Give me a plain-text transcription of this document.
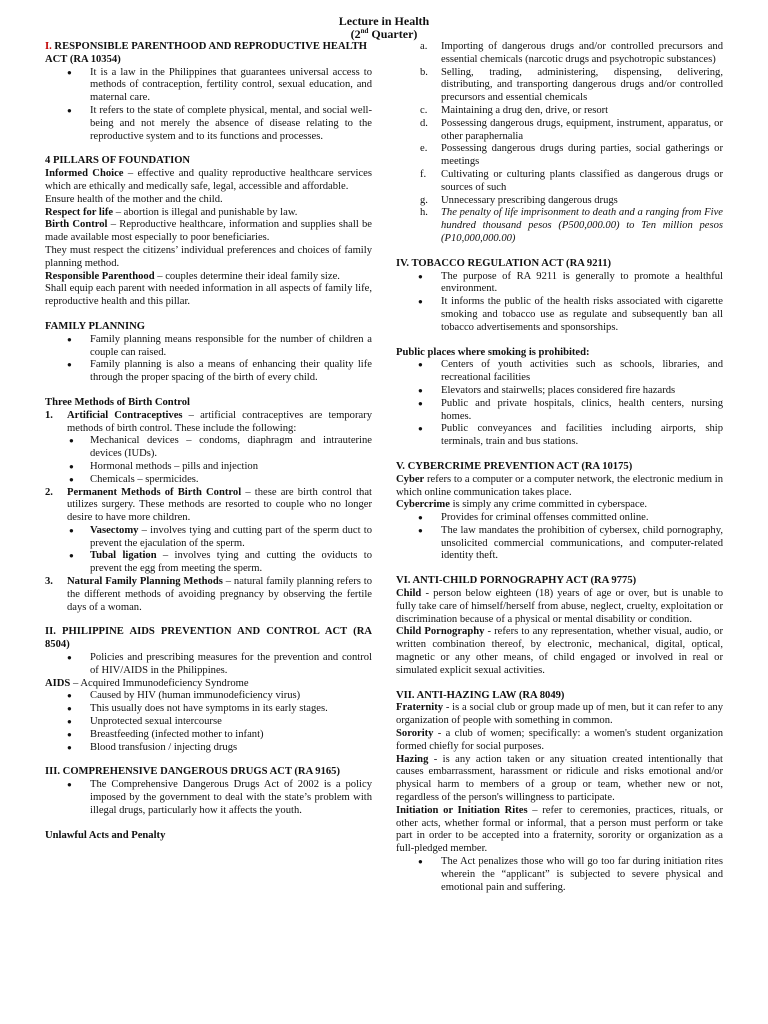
Lecture in Health
(2nd Quarter)

I. RESPONSIBLE PARENTHOOD AND REPRODUCTIVE HEALTH ACT (RA 10354)

● It is a law in the Philippines that guarantees universal access to methods of contraception, fertility control, sexual education, and maternal care.
● It refers to the state of complete physical, mental, and social well-being and not merely the absence of disease relating to the reproductive system and to its functions and processes.

4 PILLARS OF FOUNDATION

Informed Choice – effective and quality reproductive healthcare services which are ethically and medically safe, legal, accessible and affordable.

Ensure health of the mother and the child.

Respect for life – abortion is illegal and punishable by law.

Birth Control – Reproductive healthcare, information and supplies shall be made available most especially to poor beneficiaries.

They must respect the citizens’ individual preferences and choices of family planning method.

Responsible Parenthood – couples determine their ideal family size.

Shall equip each parent with needed information in all aspects of family life, reproductive health and this pillar.

FAMILY PLANNING

● Family planning means responsible for the number of children a couple can raised.
● Family planning is also a means of enhancing their quality life through the proper spacing of the birth of every child.

Three Methods of Birth Control

1. Artificial Contraceptives – artificial contraceptives are temporary methods of birth control. These include the following:

● Mechanical devices – condoms, diaphragm and intrauterine devices (IUDs).
● Hormonal methods – pills and injection
● Chemicals – spermicides.
2. Permanent Methods of Birth Control – these are birth control that utilizes surgery. These methods are resorted to couple who no longer desire to have more children.

● Vasectomy – involves tying and cutting part of the sperm duct to prevent the ejaculation of the sperm.
● Tubal ligation – involves tying and cutting the oviducts to prevent the egg from meeting the sperm.
3. Natural Family Planning Methods – natural family planning refers to the different methods of avoiding pregnancy by observing the fertile days of a woman.

II. PHILIPPINE AIDS PREVENTION AND CONTROL ACT (RA 8504)

● Policies and prescribing measures for the prevention and control of HIV/AIDS in the Philippines.

AIDS – Acquired Immunodeficiency Syndrome

● Caused by HIV (human immunodeficiency virus)
● This usually does not have symptoms in its early stages.
● Unprotected sexual intercourse
● Breastfeeding (infected mother to infant)
● Blood transfusion / injecting drugs

III. COMPREHENSIVE DANGEROUS DRUGS ACT (RA 9165)

● The Comprehensive Dangerous Drugs Act of 2002 is a policy imposed by the government to deal with the state’s problem with illegal drugs, particularly how it affects the youth.

Unlawful Acts and Penalty

a. Importing of dangerous drugs and/or controlled precursors and essential chemicals (narcotic drugs and psychotropic substances)
b. Selling, trading, administering, dispensing, delivering, distributing, and transporting dangerous drugs and/or controlled precursors and essential chemicals
c. Maintaining a drug den, drive, or resort
d. Possessing dangerous drugs, equipment, instrument, apparatus, or other paraphernalia
e. Possessing dangerous drugs during parties, social gatherings or meetings
f. Cultivating or culturing plants classified as dangerous drugs or sources of such
g. Unnecessary prescribing dangerous drugs
h. The penalty of life imprisonment to death and a ranging from Five hundred thousand pesos (P500,000.00) to Ten million pesos (P10,000,000.00)

IV. TOBACCO REGULATION ACT (RA 9211)

● The purpose of RA 9211 is generally to promote a healthful environment.
● It informs the public of the health risks associated with cigarette smoking and tobacco use as regulate and subsequently ban all tobacco advertisements and sponsorships.

Public places where smoking is prohibited:

● Centers of youth activities such as schools, libraries, and recreational facilities
● Elevators and stairwells; places considered fire hazards
● Public and private hospitals, clinics, health centers, nursing homes.
● Public conveyances and facilities including airports, ship terminals, train and bus stations.

V. CYBERCRIME PREVENTION ACT (RA 10175)

Cyber refers to a computer or a computer network, the electronic medium in which online communication takes place.

Cybercrime is simply any crime committed in cyberspace.

● Provides for criminal offenses committed online.
● The law mandates the prohibition of cybersex, child pornography, unsolicited commercial communications, and computer-related identity theft.

VI. ANTI-CHILD PORNOGRAPHY ACT (RA 9775)

Child - person below eighteen (18) years of age or over, but is unable to fully take care of himself/herself from abuse, neglect, cruelty, exploitation or discrimination because of a physical or mental disability or condition.

Child Pornography - refers to any representation, whether visual, audio, or written combination thereof, by electronic, mechanical, digital, optical, magnetic or any other means, of child engaged or involved in real or simulated explicit sexual activities.

VII. ANTI-HAZING LAW (RA 8049)

Fraternity - is a social club or group made up of men, but it can refer to any organization of people with something in common.

Sorority - a club of women; specifically: a women's student organization formed chiefly for social purposes.

Hazing - is any action taken or any situation created intentionally that causes embarrassment, harassment or ridicule and risks emotional and/or physical harm to members of a group or team, whether new or not, regardless of the person's willingness to participate.

Initiation or Initiation Rites – refer to ceremonies, practices, rituals, or other acts, whether formal or informal, that a person must perform or take part in order to be accepted into a fraternity, sorority or organization as a full-pledged member.

● The Act penalizes those who will go too far during initiation rites wherein the “applicant” is subjected to severe physical and emotional pain and suffering.
